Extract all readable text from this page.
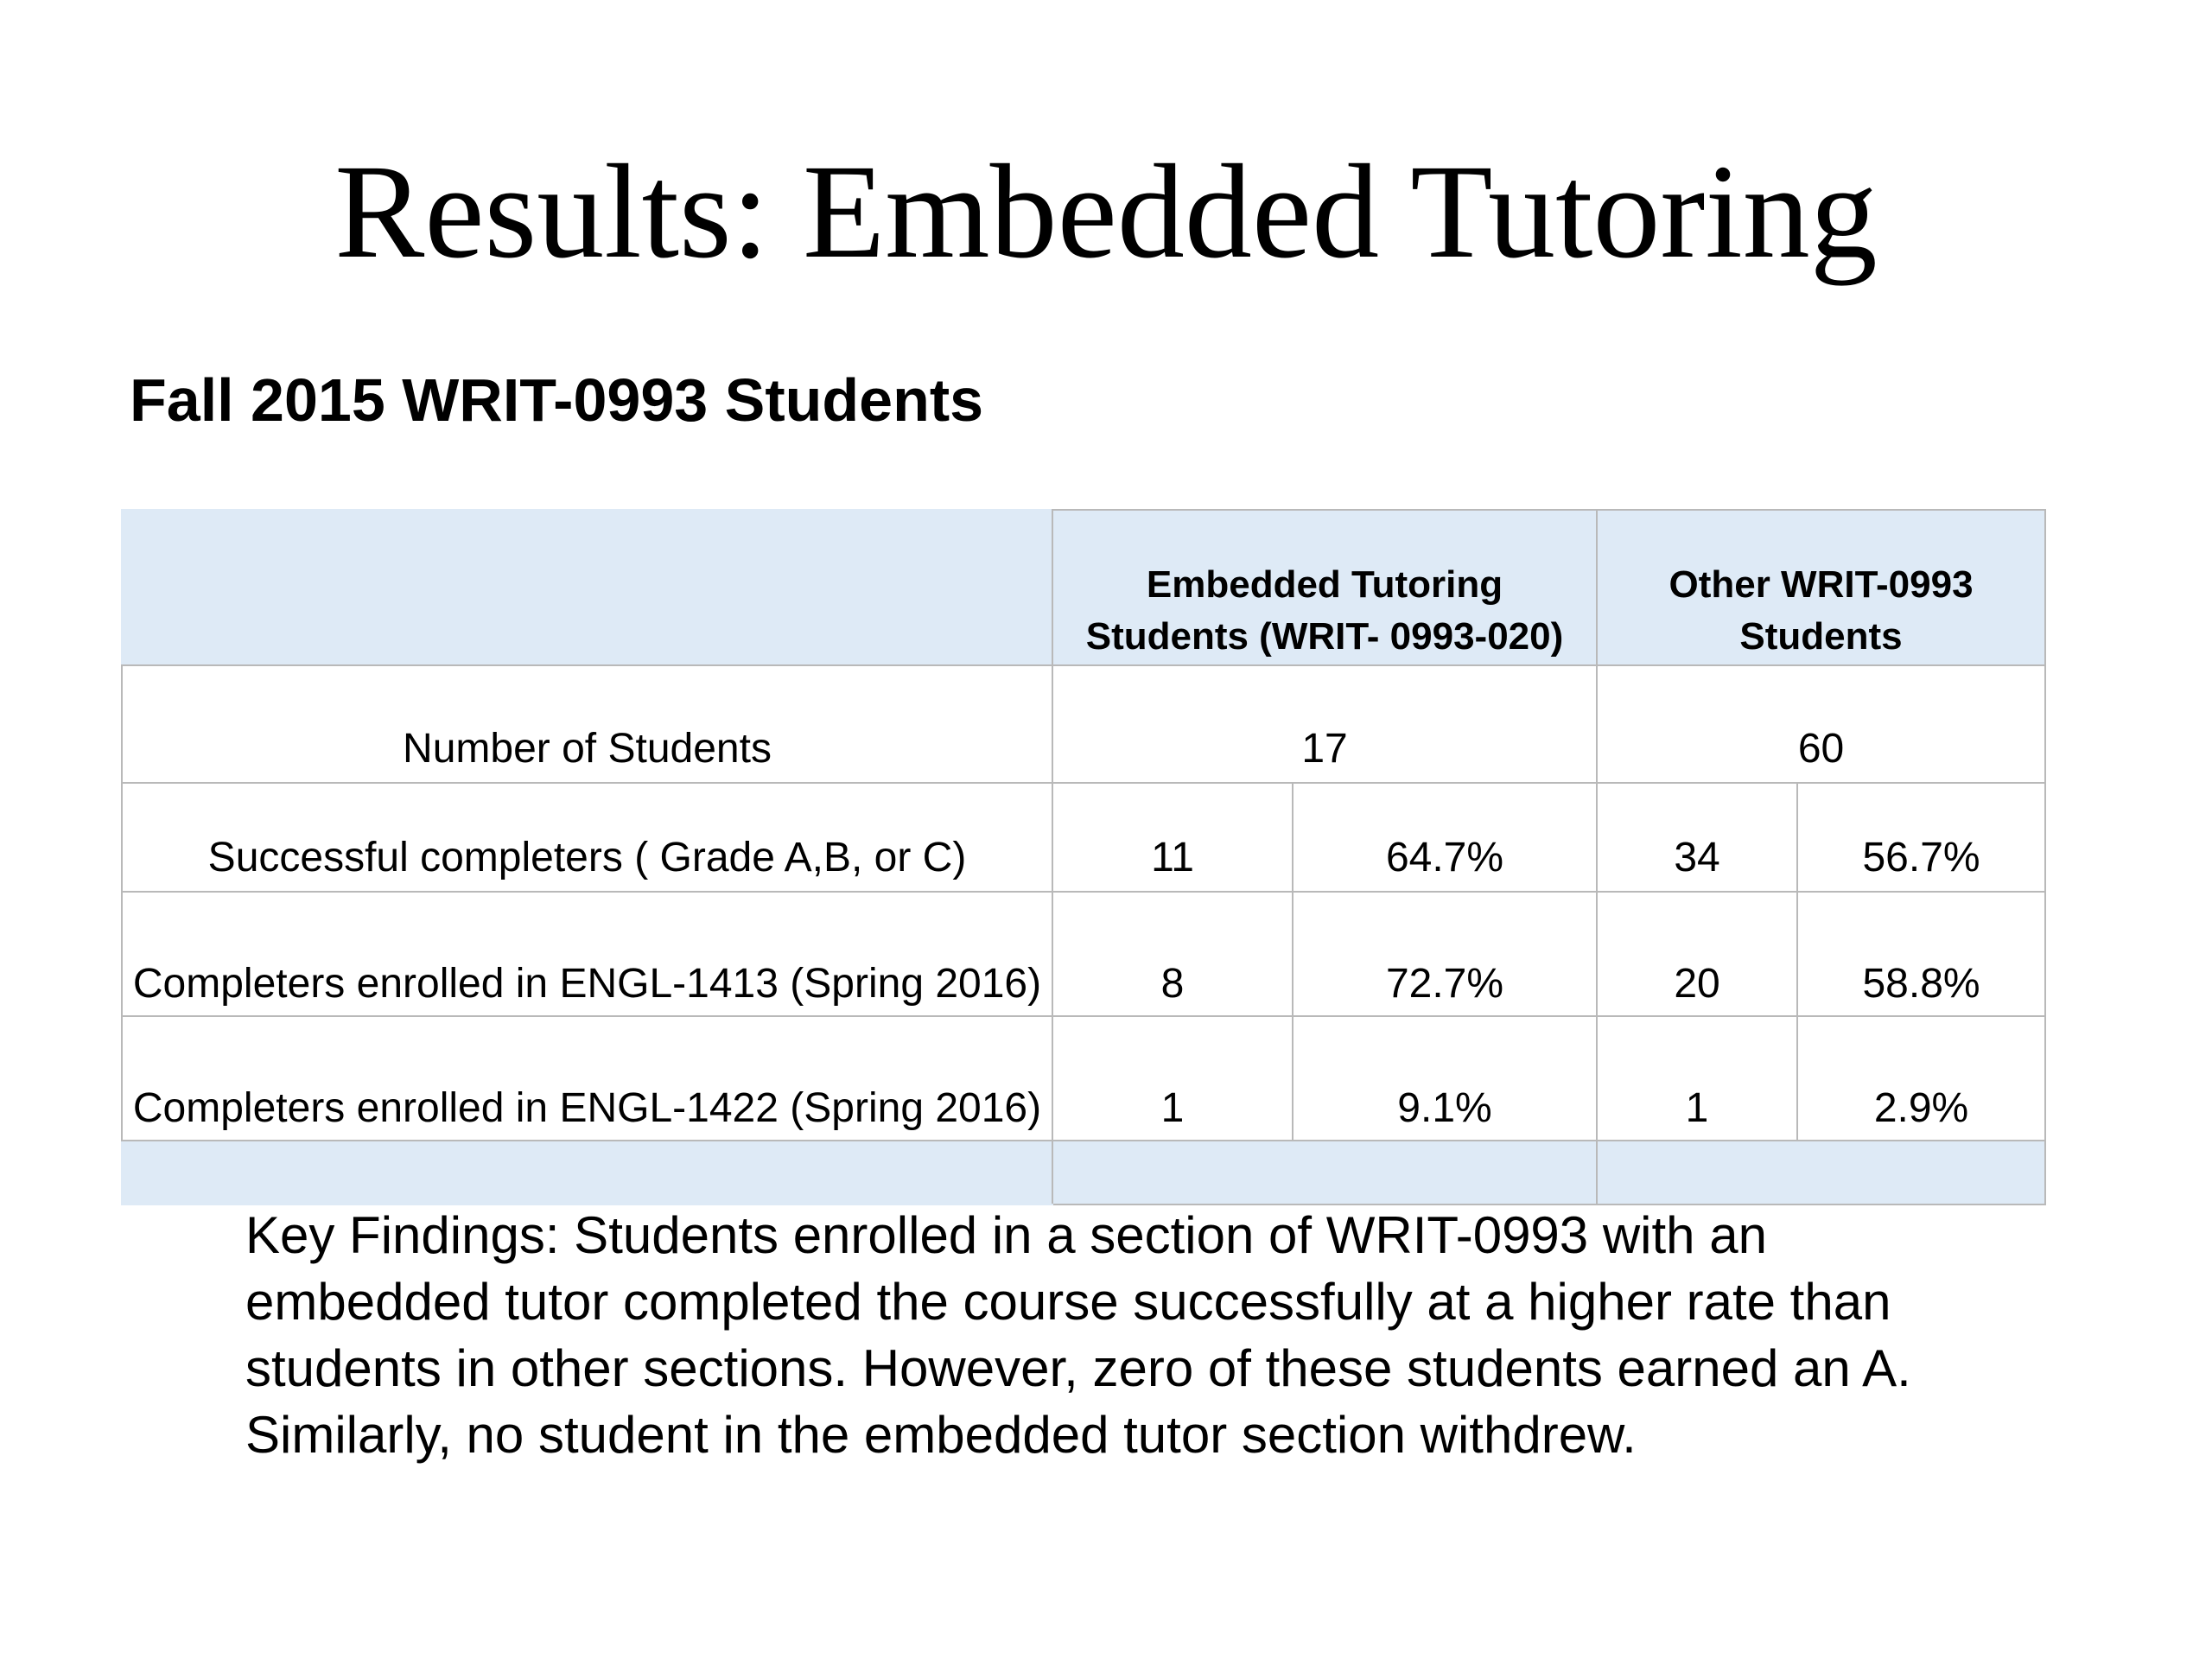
Results: Embedded Tutoring
Fall 2015 WRIT-0993 Students
	Embedded Tutoring Students (WRIT- 0993-020)		Other WRIT-0993 Students	
Number of Students	17		60	
Successful completers ( Grade A,B, or C)	11	64.7%	34	56.7%
Completers enrolled in ENGL-1413 (Spring 2016)	8	72.7%	20	58.8%
Completers enrolled in ENGL-1422 (Spring 2016)	1	9.1%	1	2.9%

Key Findings: Students enrolled in a section of WRIT-0993 with an embedded tutor completed the course successfully at a higher rate than students in other sections. However, zero of these students earned an A. Similarly, no student in the embedded tutor section withdrew.
